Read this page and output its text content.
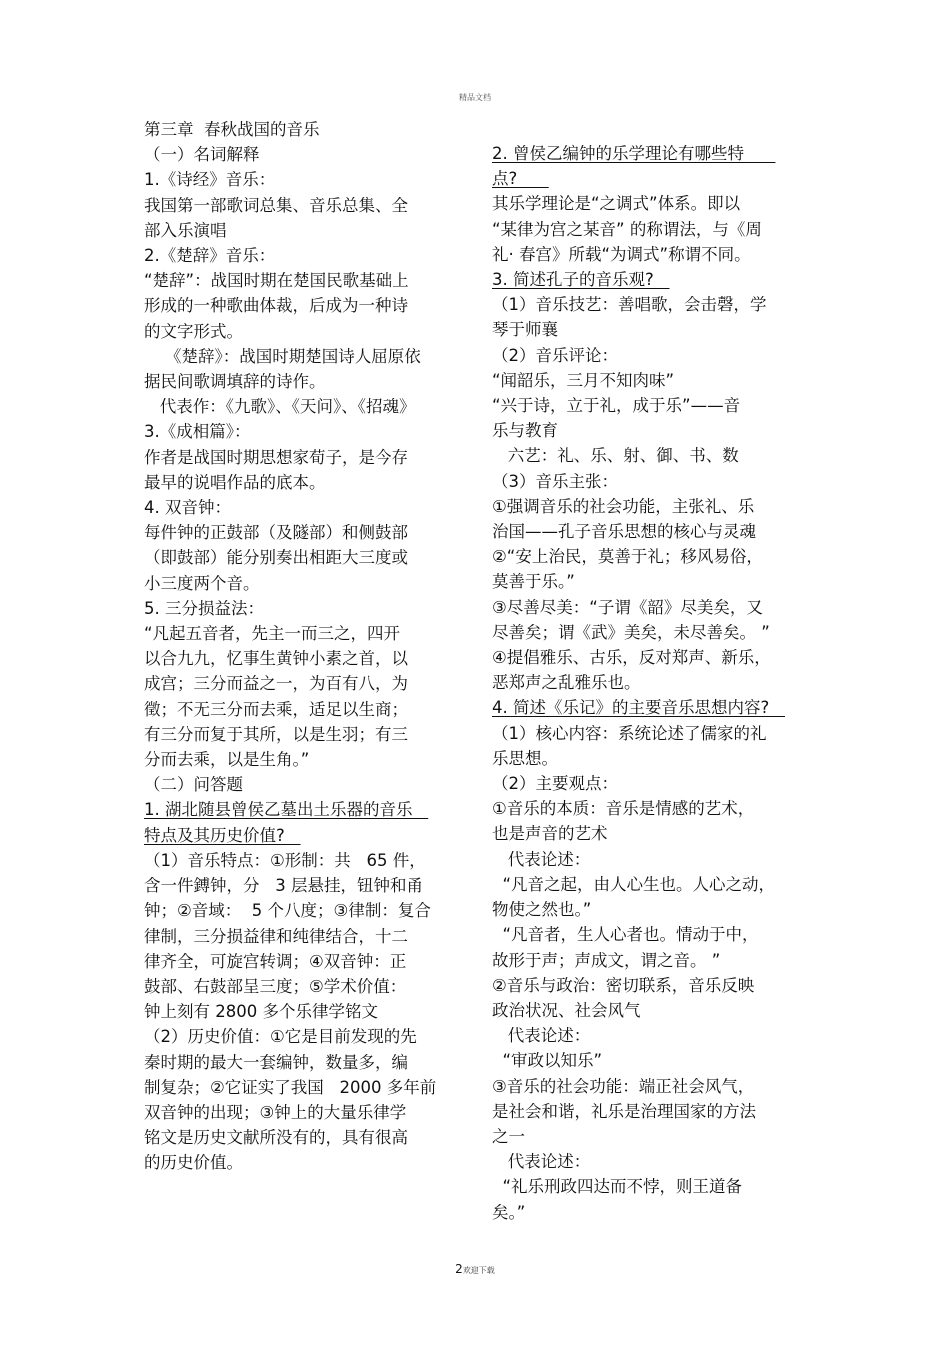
精品文档

第三章  春秋战国的音乐

（一）名词解释

1.《诗经》音乐：

我国第一部歌词总集、音乐总集、全

部入乐演唱

2.《楚辞》音乐：

“楚辞”：战国时期在楚国民歌基础上

形成的一种歌曲体裁，后成为一种诗

的文字形式。

《楚辞》：战国时期楚国诗人屈原依

据民间歌调填辞的诗作。

代表作：《九歌》、《天问》、《招魂》

3.《成相篇》：

作者是战国时期思想家荀子，是今存

最早的说唱作品的底本。

4. 双音钟：

每件钟的正鼓部（及隧部）和侧鼓部

（即鼓部）能分别奏出相距大三度或

小三度两个音。

5. 三分损益法：

“凡起五音者，先主一而三之，四开

以合九九，忆事生黄钟小素之首，以

成宫；三分而益之一，为百有八，为

徵；不无三分而去乘，适足以生商；

有三分而复于其所，以是生羽；有三

分而去乘，以是生角。”

（二）问答题

1. 湖北随县曾侯乙墓出土乐器的音乐

特点及其历史价值?

（1）音乐特点：①形制：共   65 件，

含一件鎛钟，分   3 层悬挂，钮钟和甬

钟；②音域：  5 个八度；③律制：复合

律制，三分损益律和纯律结合，十二

律齐全，可旋宫转调；④双音钟：正

鼓部、右鼓部呈三度；⑤学术价值：

钟上刻有 2800 多个乐律学铭文

（2）历史价值：①它是目前发现的先

秦时期的最大一套编钟，数量多，编

制复杂；②它证实了我国   2000 多年前

双音钟的出现；③钟上的大量乐律学

铭文是历史文献所没有的，具有很高

的历史价值。

2. 曾侯乙编钟的乐学理论有哪些特

点?

其乐学理论是“之调式”体系。即以

“某律为宫之某音” 的称谓法，与《周

礼· 春宫》所载“为调式”称谓不同。

3. 简述孔子的音乐观?

（1）音乐技艺：善唱歌，会击磬，学

琴于师襄

（2）音乐评论：

“闻韶乐，三月不知肉味”

“兴于诗，立于礼，成于乐”——音

乐与教育

六艺：礼、乐、射、御、书、数

（3）音乐主张：

①强调音乐的社会功能，主张礼、乐

治国——孔子音乐思想的核心与灵魂

②“安上治民，莫善于礼；移风易俗，

莫善于乐。”

③尽善尽美：“子谓《韶》尽美矣，又

尽善矣；谓《武》美矣，未尽善矣。 ”

④提倡雅乐、古乐，反对郑声、新乐，

恶郑声之乱雅乐也。

4. 简述《乐记》的主要音乐思想内容?

（1）核心内容：系统论述了儒家的礼

乐思想。

（2）主要观点：

①音乐的本质：音乐是情感的艺术，

也是声音的艺术

代表论述：

“凡音之起，由人心生也。人心之动，

物使之然也。”

“凡音者，生人心者也。情动于中，

故形于声；声成文，谓之音。 ”

②音乐与政治：密切联系，音乐反映

政治状况、社会风气

代表论述：

“审政以知乐”

③音乐的社会功能：端正社会风气，

是社会和谐，礼乐是治理国家的方法

之一

代表论述：

“礼乐刑政四达而不悖，则王道备

矣。”

2欢迎下载
